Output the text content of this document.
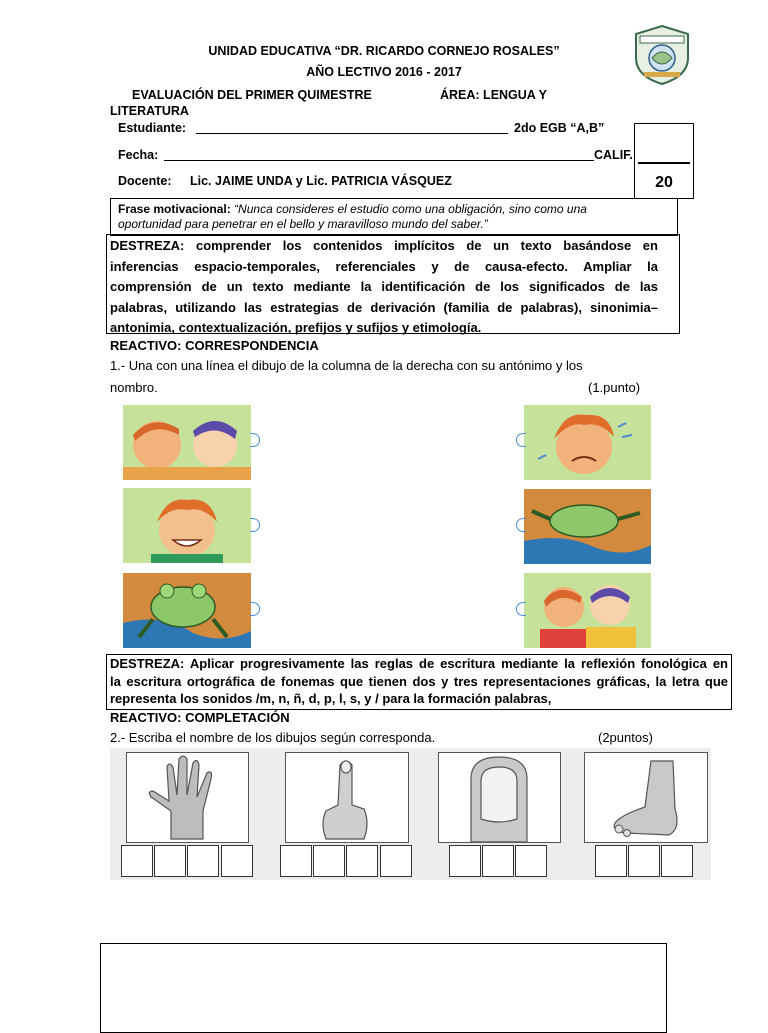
UNIDAD EDUCATIVA “DR. RICARDO CORNEJO ROSALES”
AÑO LECTIVO 2016 - 2017
EVALUACIÓN DEL PRIMER QUIMESTRE	ÁREA: LENGUA Y
LITERATURA
Estudiante:	2do EGB “A,B”
Fecha:	CALIF.
Docente: Lic. JAIME UNDA y Lic. PATRICIA VÁSQUEZ	20
Frase motivacional: “Nunca consideres el estudio como una obligación, sino como una
oportunidad para penetrar en el bello y maravilloso mundo del saber.”
DESTREZA: comprender los contenidos implícitos de un texto basándose en
inferencias espacio-temporales, referenciales y de causa-efecto. Ampliar la
comprensión de un texto mediante la identificación de los significados de las
palabras, utilizando las estrategias de derivación (familia de palabras), sinonimia–
antonimia, contextualización, prefijos y sufijos y etimología.
REACTIVO: CORRESPONDENCIA
1.- Una con una línea el dibujo de la columna de la derecha con su antónimo y los
nombro.	(1.punto)
DESTREZA: Aplicar progresivamente las reglas de escritura mediante la reflexión fonológica en
la escritura ortográfica de fonemas que tienen dos y tres representaciones gráficas, la letra que
representa los sonidos /m, n, ñ, d, p, l, s, y / para la formación palabras,
REACTIVO: COMPLETACIÓN
2.- Escriba el nombre de los dibujos según corresponda.	(2puntos)
